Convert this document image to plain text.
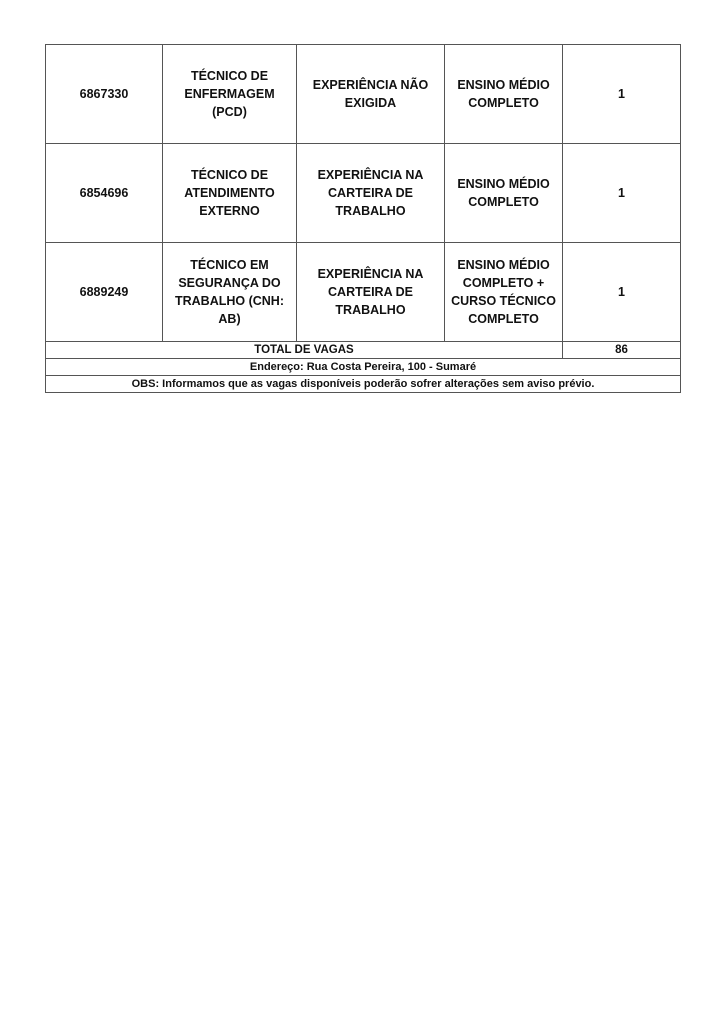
6867330	TÉCNICO DE ENFERMAGEM (PCD)	EXPERIÊNCIA NÃO EXIGIDA	ENSINO MÉDIO COMPLETO	1
6854696	TÉCNICO DE ATENDIMENTO EXTERNO	EXPERIÊNCIA NA CARTEIRA DE TRABALHO	ENSINO MÉDIO COMPLETO	1
6889249	TÉCNICO EM SEGURANÇA DO TRABALHO (CNH: AB)	EXPERIÊNCIA NA CARTEIRA DE TRABALHO	ENSINO MÉDIO COMPLETO + CURSO TÉCNICO COMPLETO	1
TOTAL DE VAGAS				86
Endereço: Rua Costa Pereira, 100 - Sumaré				
OBS: Informamos que as vagas disponíveis poderão sofrer alterações sem aviso prévio.				
